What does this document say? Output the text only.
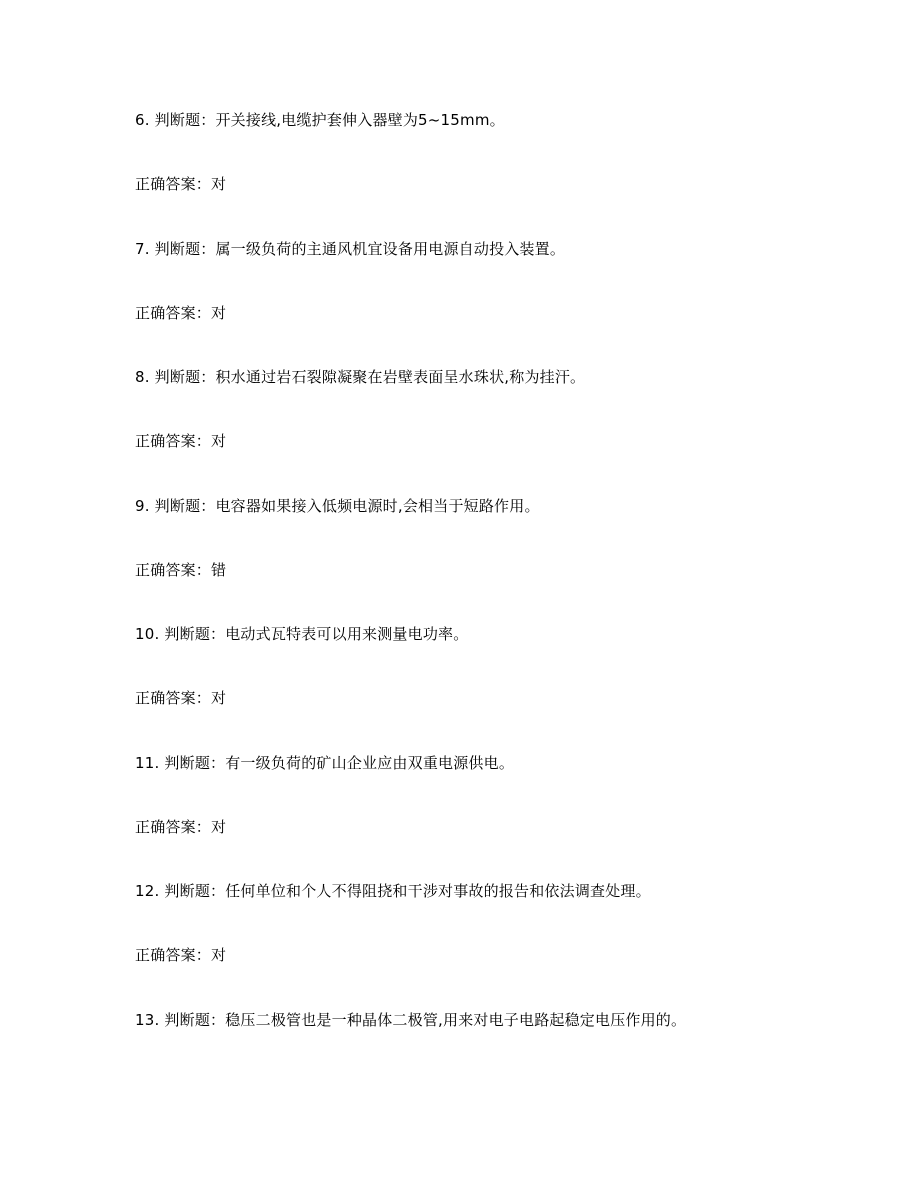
6. 判断题：开关接线,电缆护套伸入器壁为5~15mm。
正确答案：对
7. 判断题：属一级负荷的主通风机宜设备用电源自动投入装置。
正确答案：对
8. 判断题：积水通过岩石裂隙凝聚在岩壁表面呈水珠状,称为挂汗。
正确答案：对
9. 判断题：电容器如果接入低频电源时,会相当于短路作用。
正确答案：错
10. 判断题：电动式瓦特表可以用来测量电功率。
正确答案：对
11. 判断题：有一级负荷的矿山企业应由双重电源供电。
正确答案：对
12. 判断题：任何单位和个人不得阻挠和干涉对事故的报告和依法调查处理。
正确答案：对
13. 判断题：稳压二极管也是一种晶体二极管,用来对电子电路起稳定电压作用的。
